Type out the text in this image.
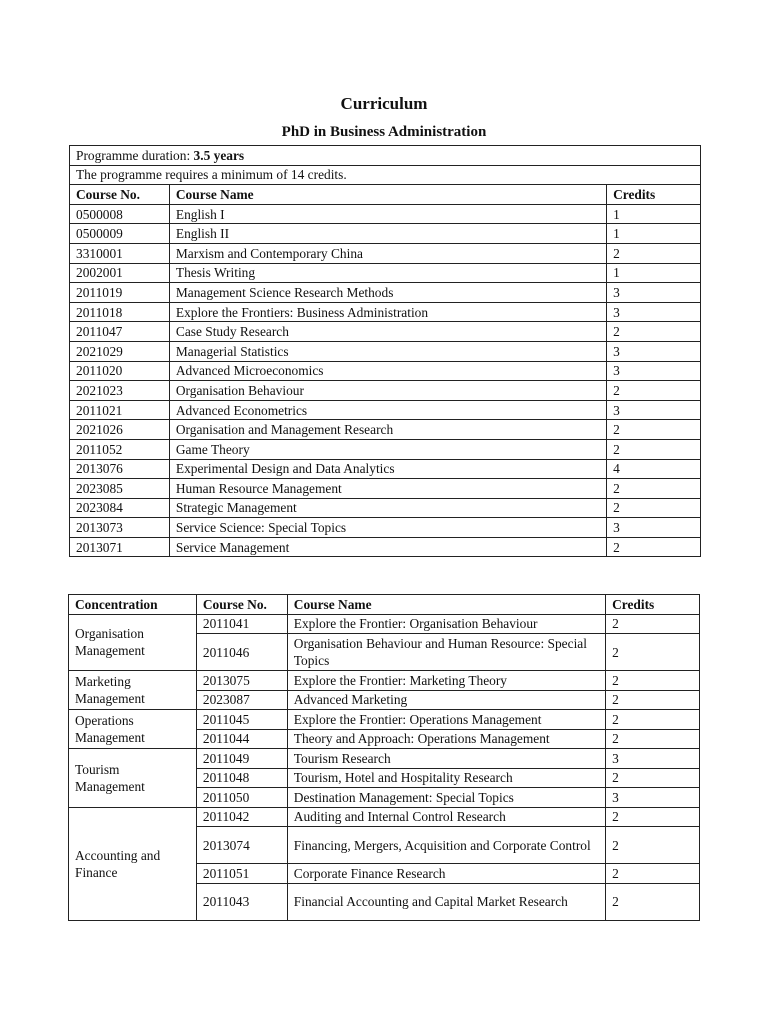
Curriculum
PhD in Business Administration
Programme duration: 3.5 years		
The programme requires a minimum of 14 credits.		
Course No.	Course Name	Credits
0500008	English I	1
0500009	English II	1
3310001	Marxism and Contemporary China	2
2002001	Thesis Writing	1
2011019	Management Science Research Methods	3
2011018	Explore the Frontiers: Business Administration	3
2011047	Case Study Research	2
2021029	Managerial Statistics	3
2011020	Advanced Microeconomics	3
2021023	Organisation Behaviour	2
2011021	Advanced Econometrics	3
2021026	Organisation and Management Research	2
2011052	Game Theory	2
2013076	Experimental Design and Data Analytics	4
2023085	Human Resource Management	2
2023084	Strategic Management	2
2013073	Service Science: Special Topics	3
2013071	Service Management	2
Concentration	Course No.	Course Name	Credits
Organisation Management	2011041	Explore the Frontier: Organisation Behaviour	2
	2011046	Organisation Behaviour and Human Resource: Special Topics	2
Marketing Management	2013075	Explore the Frontier: Marketing Theory	2
	2023087	Advanced Marketing	2
Operations Management	2011045	Explore the Frontier: Operations Management	2
	2011044	Theory and Approach: Operations Management	2
Tourism Management	2011049	Tourism Research	3
	2011048	Tourism, Hotel and Hospitality Research	2
	2011050	Destination Management: Special Topics	3
Accounting and Finance	2011042	Auditing and Internal Control Research	2
	2013074	Financing, Mergers, Acquisition and Corporate Control	2
	2011051	Corporate Finance Research	2
	2011043	Financial Accounting and Capital Market Research	2
